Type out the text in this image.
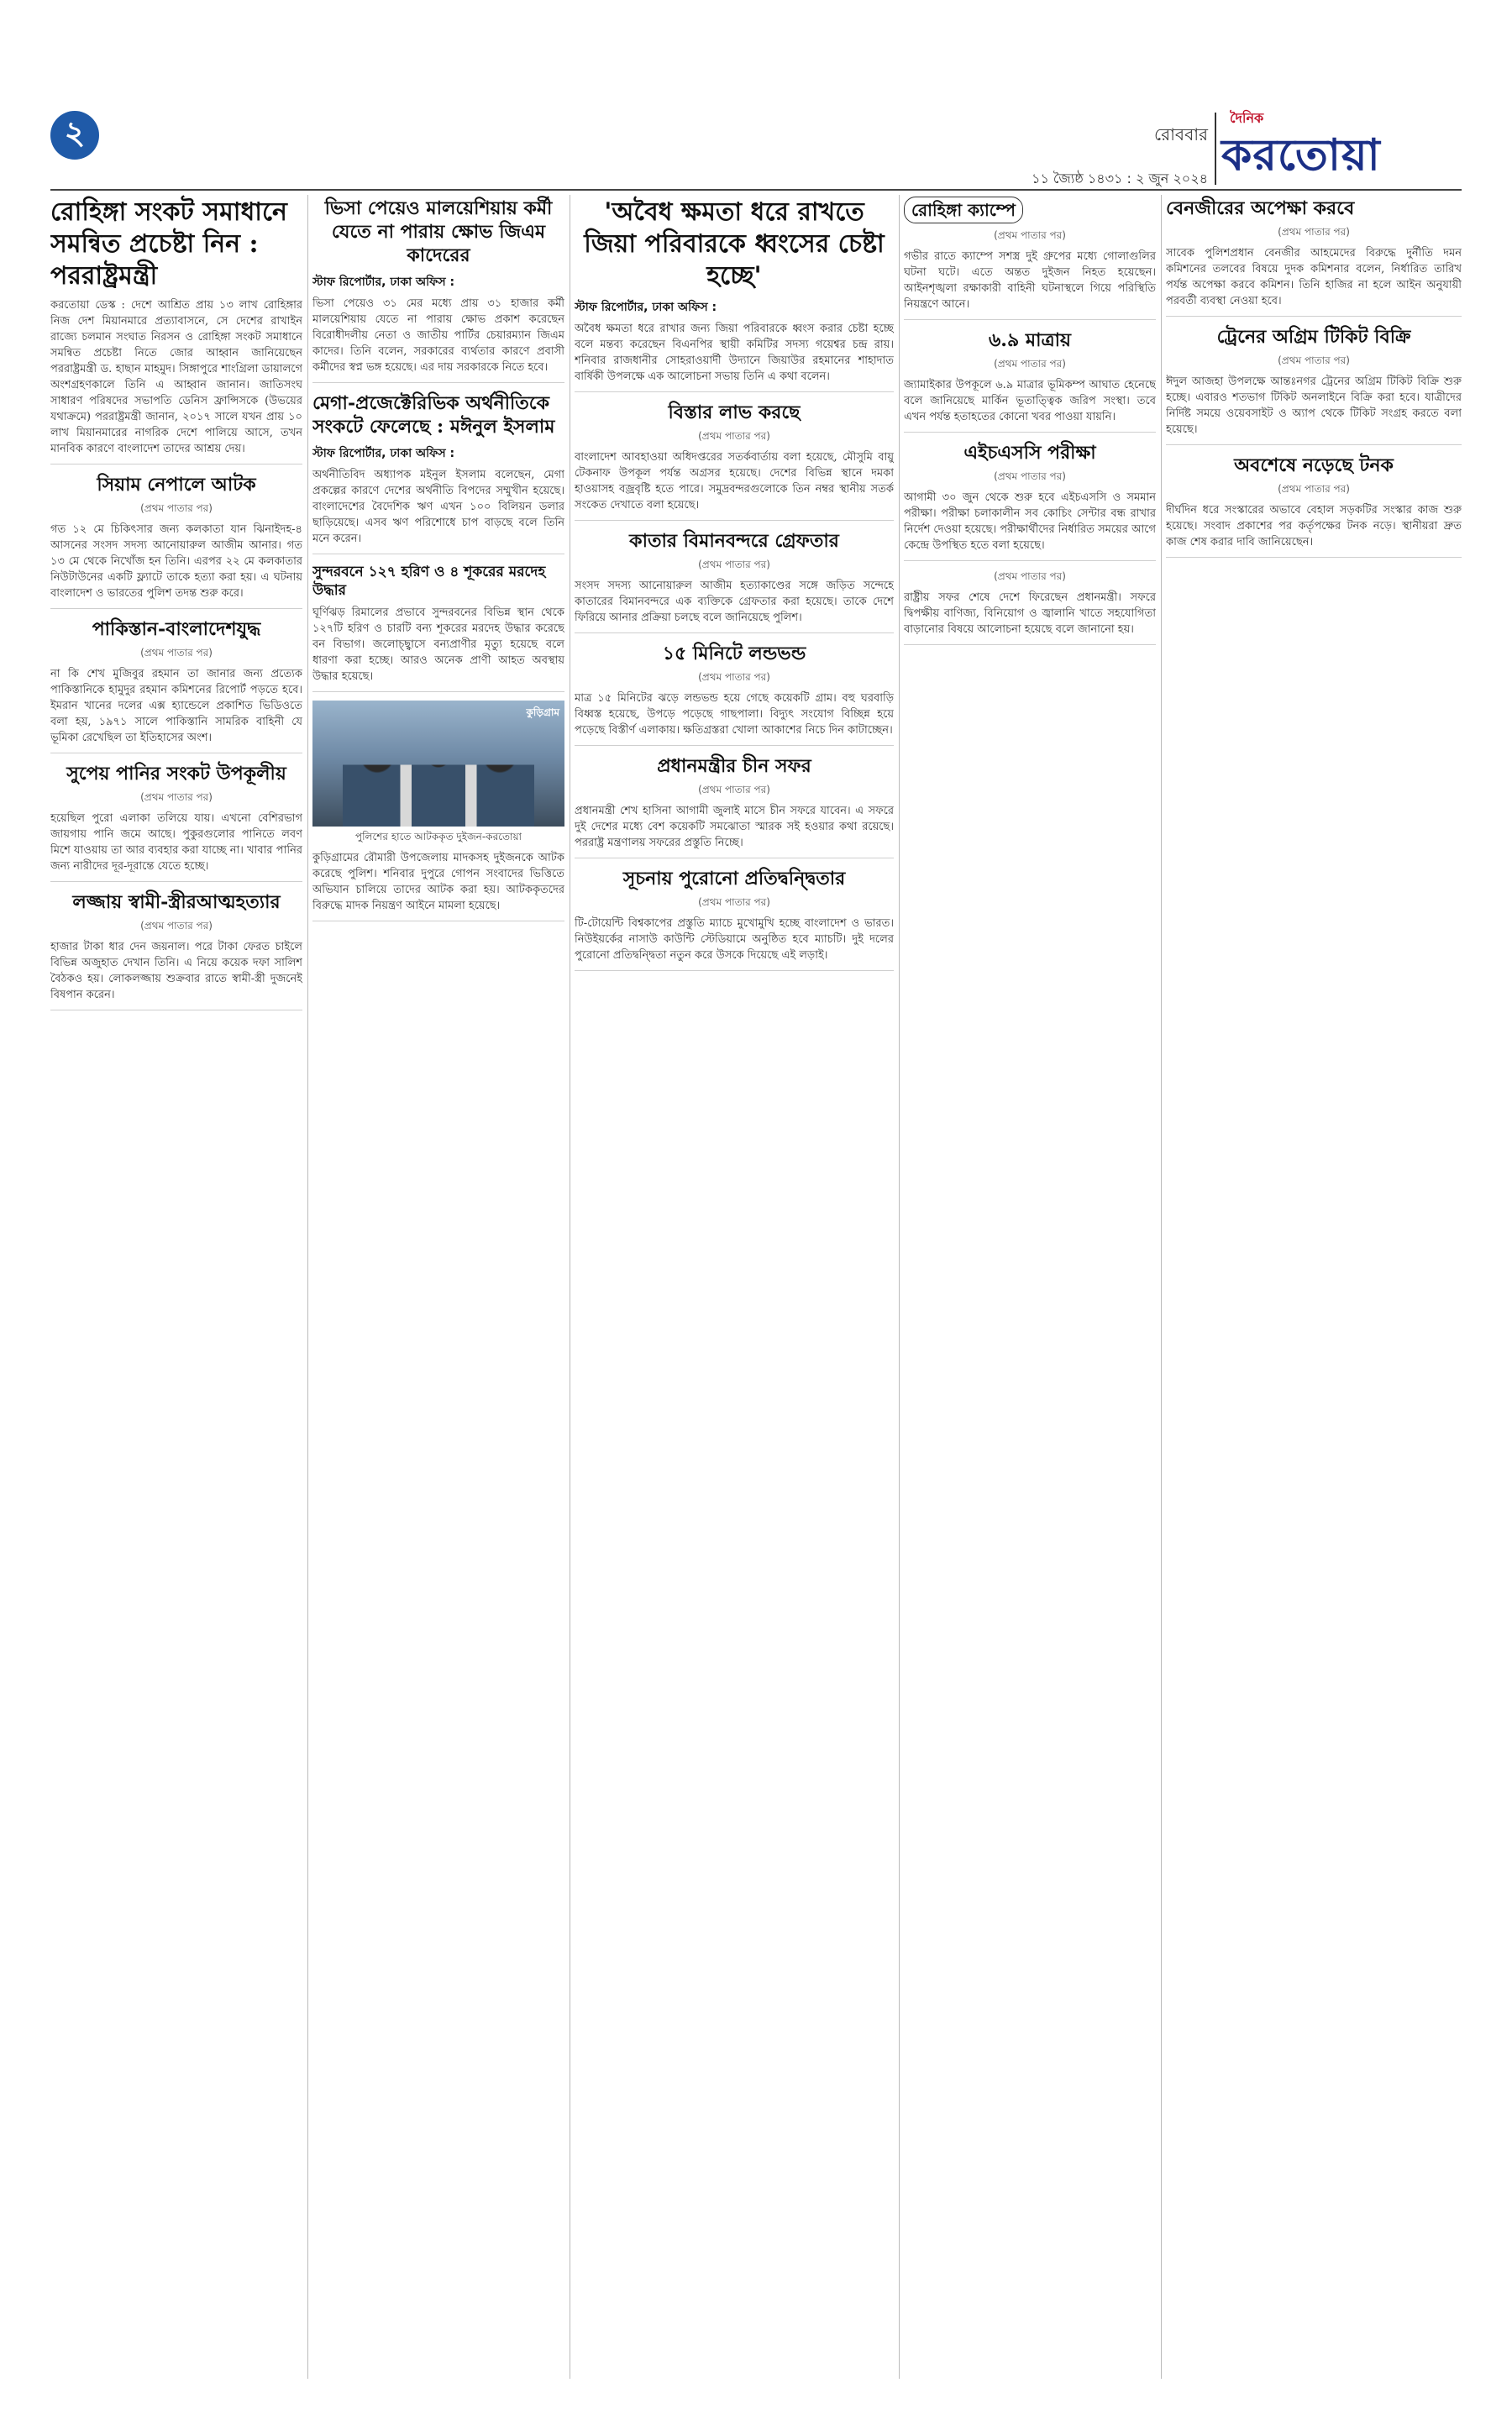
২	রোববার
১১ জ্যৈষ্ঠ ১৪৩১ : ২ জুন ২০২৪
দৈনিক
করতোয়া
রোহিঙ্গা সংকট সমাধানে সমন্বিত প্রচেষ্টা নিন : পররাষ্ট্রমন্ত্রী

করতোয়া ডেস্ক : দেশে আশ্রিত প্রায় ১৩ লাখ রোহিঙ্গার নিজ দেশ মিয়ানমারে প্রত্যাবাসনে, সে দেশের রাখাইন রাজ্যে চলমান সংঘাত নিরসন ও রোহিঙ্গা সংকট সমাধানে সমন্বিত প্রচেষ্টা নিতে জোর আহ্বান জানিয়েছেন পররাষ্ট্রমন্ত্রী ড. হাছান মাহমুদ। সিঙ্গাপুরে শাংগ্রিলা ডায়ালগে অংশগ্রহণকালে তিনি এ আহ্বান জানান। জাতিসংঘ সাধারণ পরিষদের সভাপতি ডেনিস ফ্রান্সিসকে (উভয়ের যথাক্রমে) পররাষ্ট্রমন্ত্রী জানান, ২০১৭ সালে যখন প্রায় ১০ লাখ মিয়ানমারের নাগরিক দেশে পালিয়ে আসে, তখন মানবিক কারণে বাংলাদেশ তাদের আশ্রয় দেয়।

সিয়াম নেপালে আটক
(প্রথম পাতার পর)

গত ১২ মে চিকিৎসার জন্য কলকাতা যান ঝিনাইদহ-৪ আসনের সংসদ সদস্য আনোয়ারুল আজীম আনার। গত ১৩ মে থেকে নিখোঁজ হন তিনি। এরপর ২২ মে কলকাতার নিউটাউনের একটি ফ্ল্যাটে তাকে হত্যা করা হয়। এ ঘটনায় বাংলাদেশ ও ভারতের পুলিশ তদন্ত শুরু করে।

পাকিস্তান-বাংলাদেশযুদ্ধ
(প্রথম পাতার পর)

না কি শেখ মুজিবুর রহমান তা জানার জন্য প্রত্যেক পাকিস্তানিকে হামুদুর রহমান কমিশনের রিপোর্ট পড়তে হবে। ইমরান খানের দলের এক্স হ্যান্ডেলে প্রকাশিত ভিডিওতে বলা হয়, ১৯৭১ সালে পাকিস্তানি সামরিক বাহিনী যে ভূমিকা রেখেছিল তা ইতিহাসের অংশ।

সুপেয় পানির সংকট উপকূলীয়
(প্রথম পাতার পর)

হয়েছিল পুরো এলাকা তলিয়ে যায়। এখনো বেশিরভাগ জায়গায় পানি জমে আছে। পুকুরগুলোর পানিতে লবণ মিশে যাওয়ায় তা আর ব্যবহার করা যাচ্ছে না। খাবার পানির জন্য নারীদের দূর-দূরান্তে যেতে হচ্ছে।

লজ্জায় স্বামী-স্ত্রীরআত্মহত্যার
(প্রথম পাতার পর)

হাজার টাকা ধার দেন জয়নাল। পরে টাকা ফেরত চাইলে বিভিন্ন অজুহাত দেখান তিনি। এ নিয়ে কয়েক দফা সালিশ বৈঠকও হয়। লোকলজ্জায় শুক্রবার রাতে স্বামী-স্ত্রী দুজনেই বিষপান করেন।

ভিসা পেয়েও মালয়েশিয়ায় কর্মী যেতে না পারায় ক্ষোভ জিএম কাদেরের
স্টাফ রিপোর্টার, ঢাকা অফিস :

ভিসা পেয়েও ৩১ মের মধ্যে প্রায় ৩১ হাজার কর্মী মালয়েশিয়ায় যেতে না পারায় ক্ষোভ প্রকাশ করেছেন বিরোধীদলীয় নেতা ও জাতীয় পার্টির চেয়ারম্যান জিএম কাদের। তিনি বলেন, সরকারের ব্যর্থতার কারণে প্রবাসী কর্মীদের স্বপ্ন ভঙ্গ হয়েছে। এর দায় সরকারকে নিতে হবে।

মেগা-প্রজেক্টেরিভিক অর্থনীতিকে সংকটে ফেলেছে : মঈনুল ইসলাম
স্টাফ রিপোর্টার, ঢাকা অফিস :

অর্থনীতিবিদ অধ্যাপক মইনুল ইসলাম বলেছেন, মেগা প্রকল্পের কারণে দেশের অর্থনীতি বিপদের সম্মুখীন হয়েছে। বাংলাদেশের বৈদেশিক ঋণ এখন ১০০ বিলিয়ন ডলার ছাড়িয়েছে। এসব ঋণ পরিশোধে চাপ বাড়ছে বলে তিনি মনে করেন।

সুন্দরবনে ১২৭ হরিণ ও ৪ শূকরের মরদেহ উদ্ধার

ঘূর্ণিঝড় রিমালের প্রভাবে সুন্দরবনের বিভিন্ন স্থান থেকে ১২৭টি হরিণ ও চারটি বন্য শূকরের মরদেহ উদ্ধার করেছে বন বিভাগ। জলোচ্ছ্বাসে বন্যপ্রাণীর মৃত্যু হয়েছে বলে ধারণা করা হচ্ছে। আরও অনেক প্রাণী আহত অবস্থায় উদ্ধার হয়েছে।

কুড়িগ্রাম
পুলিশের হাতে আটককৃত দুইজন-করতোয়া

কুড়িগ্রামের রৌমারী উপজেলায় মাদকসহ দুইজনকে আটক করেছে পুলিশ। শনিবার দুপুরে গোপন সংবাদের ভিত্তিতে অভিযান চালিয়ে তাদের আটক করা হয়। আটককৃতদের বিরুদ্ধে মাদক নিয়ন্ত্রণ আইনে মামলা হয়েছে।

'অবৈধ ক্ষমতা ধরে রাখতে জিয়া পরিবারকে ধ্বংসের চেষ্টা হচ্ছে'
স্টাফ রিপোর্টার, ঢাকা অফিস :

অবৈধ ক্ষমতা ধরে রাখার জন্য জিয়া পরিবারকে ধ্বংস করার চেষ্টা হচ্ছে বলে মন্তব্য করেছেন বিএনপির স্থায়ী কমিটির সদস্য গয়েশ্বর চন্দ্র রায়। শনিবার রাজধানীর সোহরাওয়ার্দী উদ্যানে জিয়াউর রহমানের শাহাদাত বার্ষিকী উপলক্ষে এক আলোচনা সভায় তিনি এ কথা বলেন।

বিস্তার লাভ করছে
(প্রথম পাতার পর)

বাংলাদেশ আবহাওয়া অধিদপ্তরের সতর্কবার্তায় বলা হয়েছে, মৌসুমি বায়ু টেকনাফ উপকূল পর্যন্ত অগ্রসর হয়েছে। দেশের বিভিন্ন স্থানে দমকা হাওয়াসহ বজ্রবৃষ্টি হতে পারে। সমুদ্রবন্দরগুলোকে তিন নম্বর স্থানীয় সতর্ক সংকেত দেখাতে বলা হয়েছে।

কাতার বিমানবন্দরে গ্রেফতার
(প্রথম পাতার পর)

সংসদ সদস্য আনোয়ারুল আজীম হত্যাকাণ্ডের সঙ্গে জড়িত সন্দেহে কাতারের বিমানবন্দরে এক ব্যক্তিকে গ্রেফতার করা হয়েছে। তাকে দেশে ফিরিয়ে আনার প্রক্রিয়া চলছে বলে জানিয়েছে পুলিশ।

১৫ মিনিটে লন্ডভন্ড
(প্রথম পাতার পর)

মাত্র ১৫ মিনিটের ঝড়ে লন্ডভন্ড হয়ে গেছে কয়েকটি গ্রাম। বহু ঘরবাড়ি বিধ্বস্ত হয়েছে, উপড়ে পড়েছে গাছপালা। বিদ্যুৎ সংযোগ বিচ্ছিন্ন হয়ে পড়েছে বিস্তীর্ণ এলাকায়। ক্ষতিগ্রস্তরা খোলা আকাশের নিচে দিন কাটাচ্ছেন।

প্রধানমন্ত্রীর চীন সফর
(প্রথম পাতার পর)

প্রধানমন্ত্রী শেখ হাসিনা আগামী জুলাই মাসে চীন সফরে যাবেন। এ সফরে দুই দেশের মধ্যে বেশ কয়েকটি সমঝোতা স্মারক সই হওয়ার কথা রয়েছে। পররাষ্ট্র মন্ত্রণালয় সফরের প্রস্তুতি নিচ্ছে।

সূচনায় পুরোনো প্রতিদ্বন্দ্বিতার
(প্রথম পাতার পর)

টি-টোয়েন্টি বিশ্বকাপের প্রস্তুতি ম্যাচে মুখোমুখি হচ্ছে বাংলাদেশ ও ভারত। নিউইয়র্কের নাসাউ কাউন্টি স্টেডিয়ামে অনুষ্ঠিত হবে ম্যাচটি। দুই দলের পুরোনো প্রতিদ্বন্দ্বিতা নতুন করে উসকে দিয়েছে এই লড়াই।

রোহিঙ্গা ক্যাম্পে
(প্রথম পাতার পর)

গভীর রাতে ক্যাম্পে সশস্ত্র দুই গ্রুপের মধ্যে গোলাগুলির ঘটনা ঘটে। এতে অন্তত দুইজন নিহত হয়েছেন। আইনশৃঙ্খলা রক্ষাকারী বাহিনী ঘটনাস্থলে গিয়ে পরিস্থিতি নিয়ন্ত্রণে আনে।

৬.৯ মাত্রায়
(প্রথম পাতার পর)

জ্যামাইকার উপকূলে ৬.৯ মাত্রার ভূমিকম্প আঘাত হেনেছে বলে জানিয়েছে মার্কিন ভূতাত্ত্বিক জরিপ সংস্থা। তবে এখন পর্যন্ত হতাহতের কোনো খবর পাওয়া যায়নি।

এইচএসসি পরীক্ষা
(প্রথম পাতার পর)

আগামী ৩০ জুন থেকে শুরু হবে এইচএসসি ও সমমান পরীক্ষা। পরীক্ষা চলাকালীন সব কোচিং সেন্টার বন্ধ রাখার নির্দেশ দেওয়া হয়েছে। পরীক্ষার্থীদের নির্ধারিত সময়ের আগে কেন্দ্রে উপস্থিত হতে বলা হয়েছে।

(প্রথম পাতার পর)

রাষ্ট্রীয় সফর শেষে দেশে ফিরেছেন প্রধানমন্ত্রী। সফরে দ্বিপক্ষীয় বাণিজ্য, বিনিয়োগ ও জ্বালানি খাতে সহযোগিতা বাড়ানোর বিষয়ে আলোচনা হয়েছে বলে জানানো হয়।

বেনজীরের অপেক্ষা করবে
(প্রথম পাতার পর)

সাবেক পুলিশপ্রধান বেনজীর আহমেদের বিরুদ্ধে দুর্নীতি দমন কমিশনের তলবের বিষয়ে দুদক কমিশনার বলেন, নির্ধারিত তারিখ পর্যন্ত অপেক্ষা করবে কমিশন। তিনি হাজির না হলে আইন অনুযায়ী পরবর্তী ব্যবস্থা নেওয়া হবে।

ট্রেনের অগ্রিম টিকিট বিক্রি
(প্রথম পাতার পর)

ঈদুল আজহা উপলক্ষে আন্তঃনগর ট্রেনের অগ্রিম টিকিট বিক্রি শুরু হচ্ছে। এবারও শতভাগ টিকিট অনলাইনে বিক্রি করা হবে। যাত্রীদের নির্দিষ্ট সময়ে ওয়েবসাইট ও অ্যাপ থেকে টিকিট সংগ্রহ করতে বলা হয়েছে।

অবশেষে নড়েছে টনক
(প্রথম পাতার পর)

দীর্ঘদিন ধরে সংস্কারের অভাবে বেহাল সড়কটির সংস্কার কাজ শুরু হয়েছে। সংবাদ প্রকাশের পর কর্তৃপক্ষের টনক নড়ে। স্থানীয়রা দ্রুত কাজ শেষ করার দাবি জানিয়েছেন।
